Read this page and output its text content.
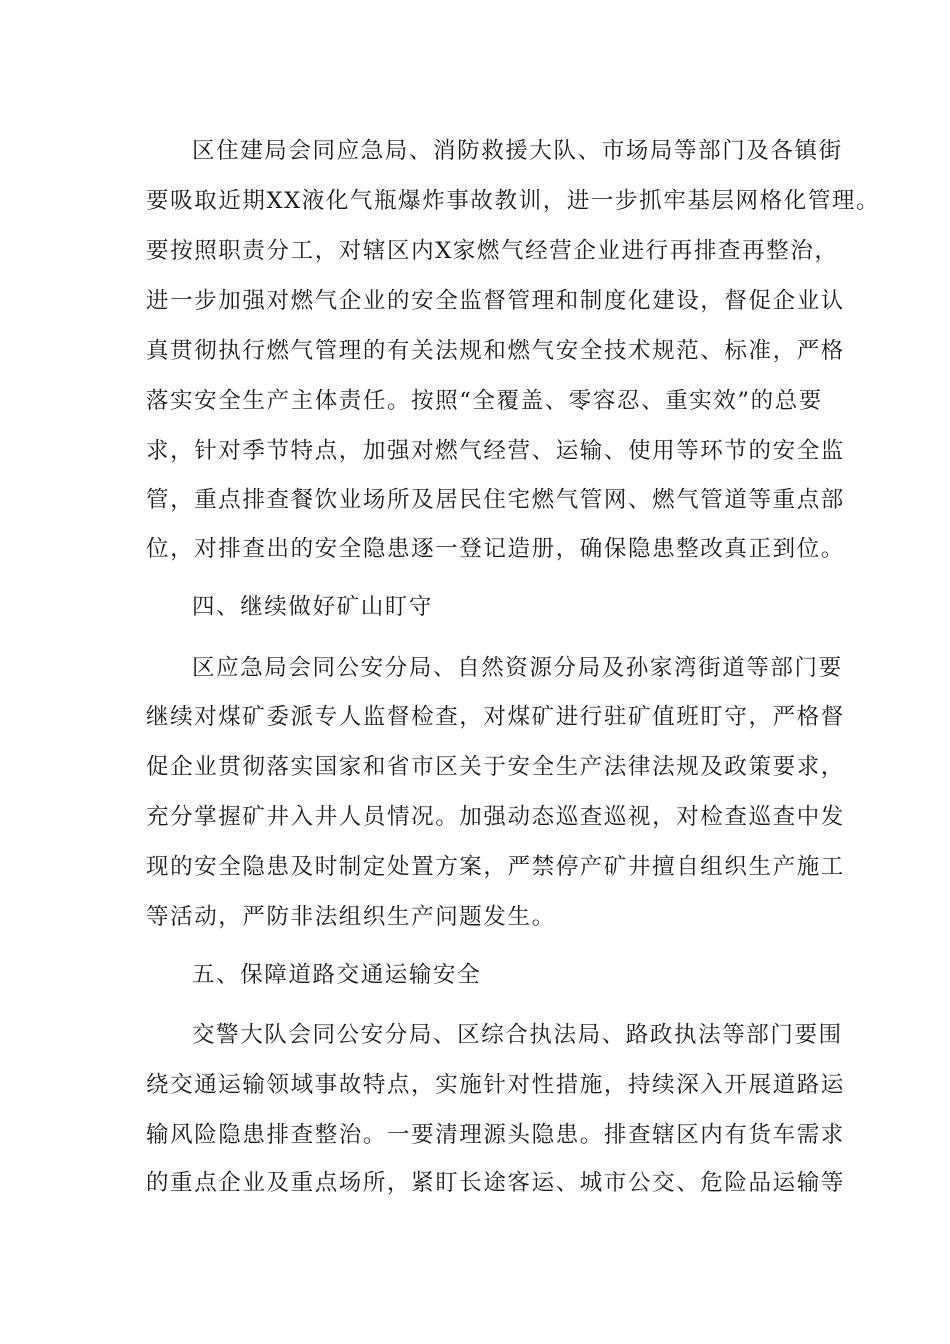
区住建局会同应急局、消防救援大队、市场局等部门及各镇街
要吸取近期XX液化气瓶爆炸事故教训，进一步抓牢基层网格化管理。
要按照职责分工，对辖区内X家燃气经营企业进行再排查再整治，
进一步加强对燃气企业的安全监督管理和制度化建设，督促企业认
真贯彻执行燃气管理的有关法规和燃气安全技术规范、标准，严格
落实安全生产主体责任。按照“全覆盖、零容忍、重实效”的总要
求，针对季节特点，加强对燃气经营、运输、使用等环节的安全监
管，重点排查餐饮业场所及居民住宅燃气管网、燃气管道等重点部
位，对排查出的安全隐患逐一登记造册，确保隐患整改真正到位。
四、继续做好矿山盯守
区应急局会同公安分局、自然资源分局及孙家湾街道等部门要
继续对煤矿委派专人监督检查，对煤矿进行驻矿值班盯守，严格督
促企业贯彻落实国家和省市区关于安全生产法律法规及政策要求，
充分掌握矿井入井人员情况。加强动态巡查巡视，对检查巡查中发
现的安全隐患及时制定处置方案，严禁停产矿井擅自组织生产施工
等活动，严防非法组织生产问题发生。
五、保障道路交通运输安全
交警大队会同公安分局、区综合执法局、路政执法等部门要围
绕交通运输领域事故特点，实施针对性措施，持续深入开展道路运
输风险隐患排查整治。一要清理源头隐患。排查辖区内有货车需求
的重点企业及重点场所，紧盯长途客运、城市公交、危险品运输等
